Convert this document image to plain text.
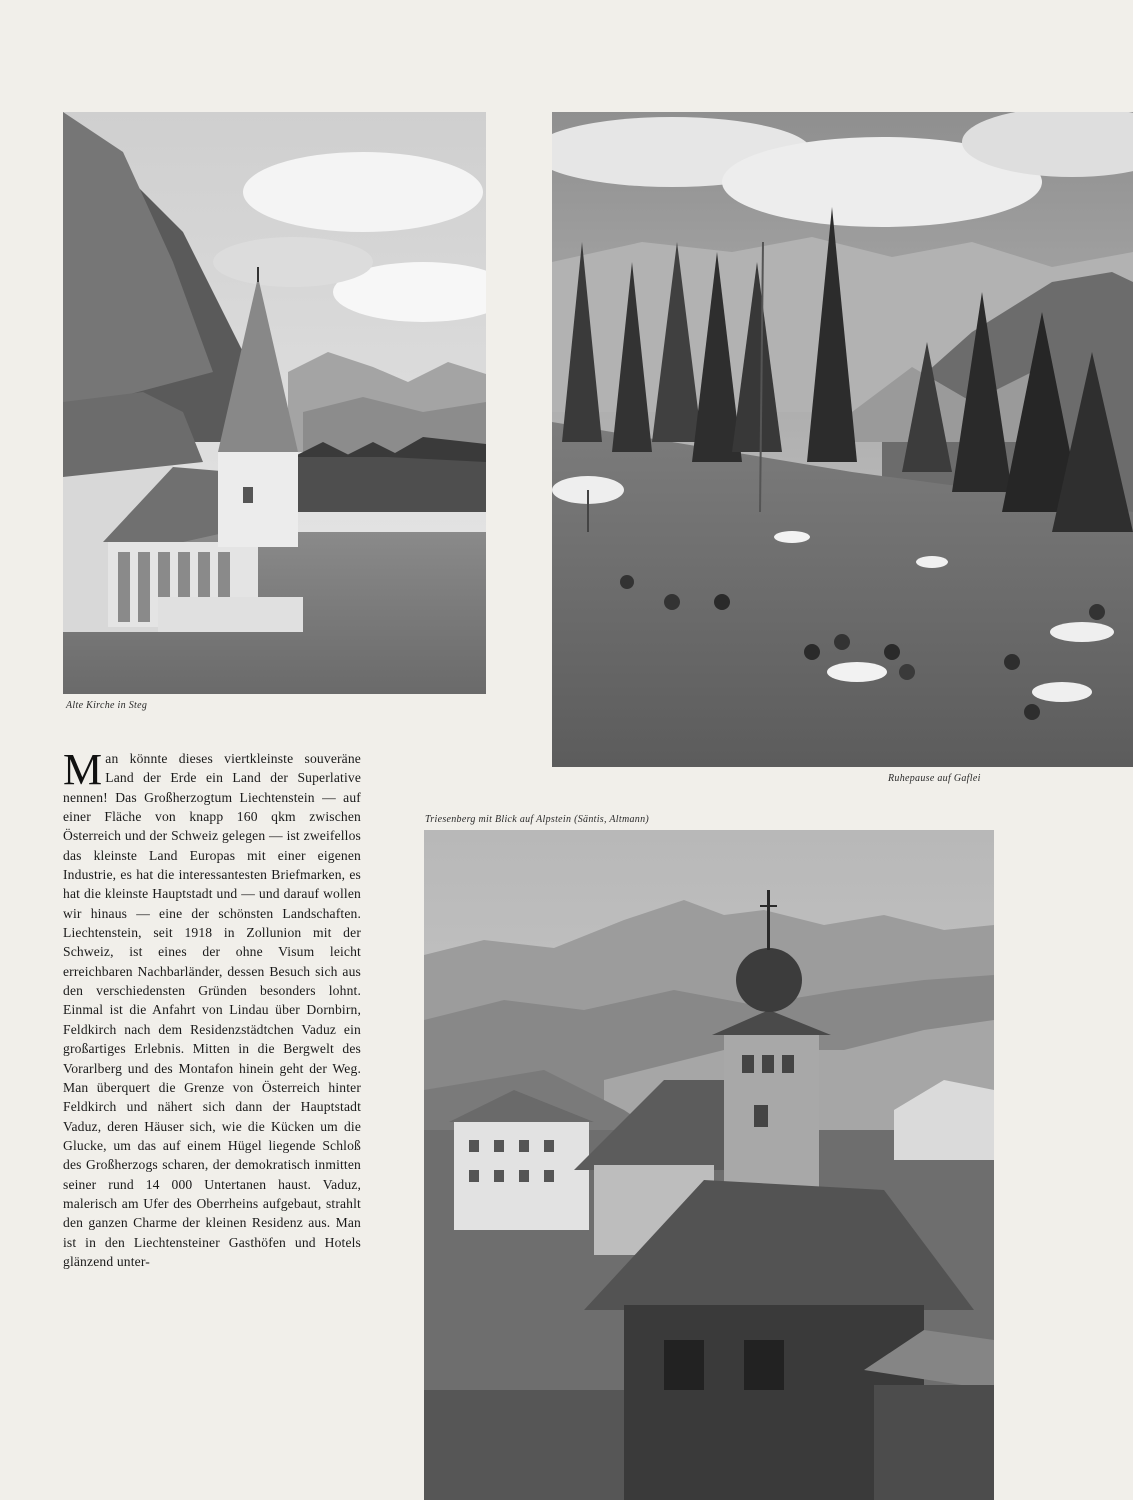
Alte Kirche in Steg
Ruhepause auf Gaflei
Triesenberg mit Blick auf Alpstein (Säntis, Altmann)
Man könnte dieses viertkleinste souveräne Land der Erde ein Land der Superlative nennen! Das Großherzogtum Liechtenstein — auf einer Fläche von knapp 160 qkm zwischen Österreich und der Schweiz gelegen — ist zweifellos das kleinste Land Europas mit einer eigenen Industrie, es hat die interessantesten Briefmarken, es hat die kleinste Hauptstadt und — und darauf wollen wir hinaus — eine der schönsten Landschaften. Liechtenstein, seit 1918 in Zollunion mit der Schweiz, ist eines der ohne Visum leicht erreichbaren Nachbarländer, dessen Besuch sich aus den verschiedensten Gründen besonders lohnt. Einmal ist die Anfahrt von Lindau über Dornbirn, Feldkirch nach dem Residenzstädtchen Vaduz ein großartiges Erlebnis. Mitten in die Bergwelt des Vorarlberg und des Montafon hinein geht der Weg. Man überquert die Grenze von Österreich hinter Feldkirch und nähert sich dann der Hauptstadt Vaduz, deren Häuser sich, wie die Kücken um die Glucke, um das auf einem Hügel liegende Schloß des Großherzogs scharen, der demokratisch inmitten seiner rund 14 000 Untertanen haust. Vaduz, malerisch am Ufer des Oberrheins aufgebaut, strahlt den ganzen Charme der kleinen Residenz aus. Man ist in den Liechtensteiner Gasthöfen und Hotels glänzend unter-
